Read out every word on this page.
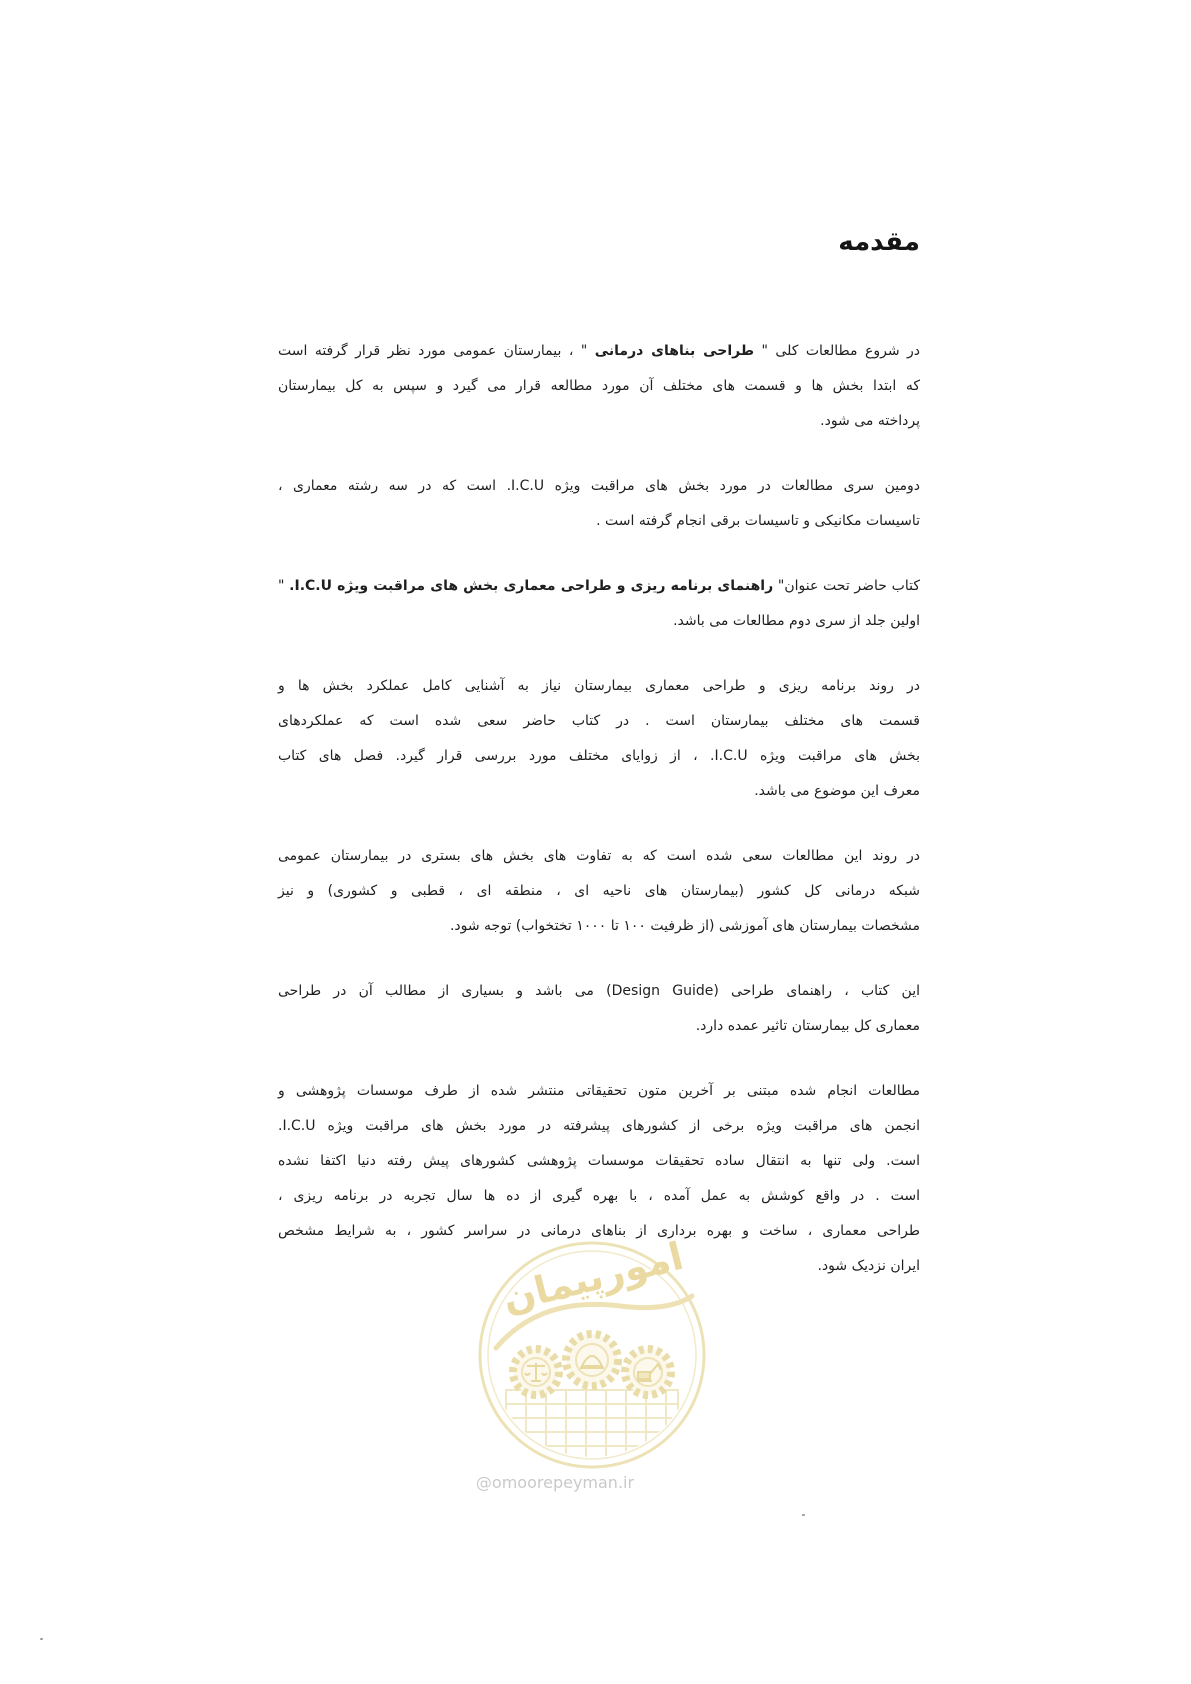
مقدمه
در شروع مطالعات کلی " طراحی بناهای درمانی " ، بیمارستان عمومی مورد نظر قرار گرفته است
که ابتدا بخش ها و قسمت های مختلف آن مورد مطالعه قرار می گیرد و سپس به کل بیمارستان
پرداخته می شود.
دومین سری مطالعات در مورد بخش های مراقبت ویژه I.C.U. است که در سه رشته معماری ،
تاسیسات مکانیکی و تاسیسات برقی انجام گرفته است .
کتاب حاضر تحت عنوان" راهنمای برنامه ریزی و طراحی معماری بخش های مراقبت ویژه I.C.U. "
اولین جلد از سری دوم مطالعات می باشد.
در روند برنامه ریزی و طراحی معماری بیمارستان نیاز به آشنایی کامل عملکرد بخش ها و
قسمت های مختلف بیمارستان است . در کتاب حاضر سعی شده است که عملکردهای
بخش های مراقبت ویژه I.C.U. ، از زوایای مختلف مورد بررسی قرار گیرد. فصل های کتاب
معرف این موضوع می باشد.
در روند این مطالعات سعی شده است که به تفاوت های بخش های بستری در بیمارستان عمومی
شبکه درمانی کل کشور (بیمارستان های ناحیه ای ، منطقه ای ، قطبی و کشوری) و نیز
مشخصات بیمارستان های آموزشی (از ظرفیت ۱۰۰ تا ۱۰۰۰ تختخواب) توجه شود.
این کتاب ، راهنمای طراحی (Design Guide) می باشد و بسیاری از مطالب آن در طراحی
معماری کل بیمارستان تاثیر عمده دارد.
مطالعات انجام شده مبتنی بر آخرین متون تحقیقاتی منتشر شده از طرف موسسات پژوهشی و
انجمن های مراقبت ویژه برخی از کشورهای پیشرفته در مورد بخش های مراقبت ویژه I.C.U.
است. ولی تنها به انتقال ساده تحقیقات موسسات پژوهشی کشورهای پیش رفته دنیا اکتفا نشده
است . در واقع کوشش به عمل آمده ، با بهره گیری از ده ها سال تجربه در برنامه ریزی ،
طراحی معماری ، ساخت و بهره برداری از بناهای درمانی در سراسر کشور ، به شرایط مشخص
ایران نزدیک شود.
امورپیمان
@omoorepeyman.ir
